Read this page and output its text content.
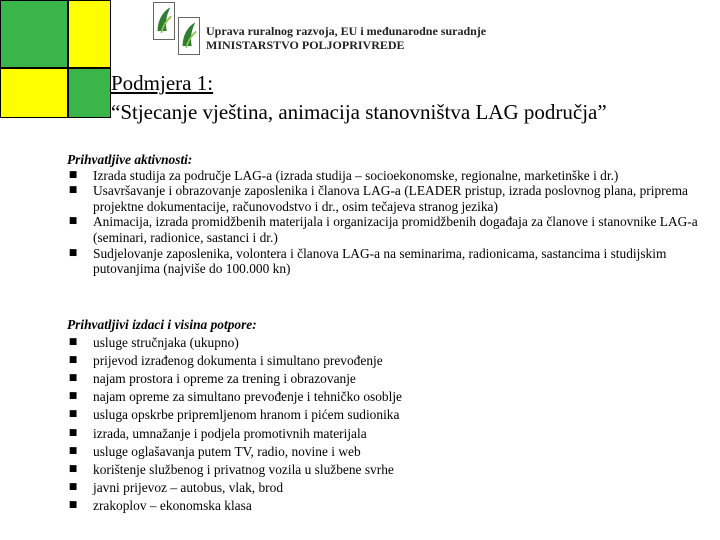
Uprava ruralnog razvoja, EU i međunarodne suradnje
MINISTARSTVO POLJOPRIVREDE
Podmjera 1:
“Stjecanje vještina, animacija stanovništva LAG područja”
Prihvatljive aktivnosti:
■ Izrada studija za područje LAG-a (izrada studija – socioekonomske, regionalne, marketinške i dr.)
■ Usavršavanje i obrazovanje zaposlenika i članova LAG-a (LEADER pristup, izrada poslovnog plana, priprema projektne dokumentacije, računovodstvo i dr., osim tečajeva stranog jezika)
■ Animacija, izrada promidžbenih materijala i organizacija promidžbenih događaja za članove i stanovnike LAG-a (seminari, radionice, sastanci i dr.)
■ Sudjelovanje zaposlenika, volontera i članova LAG-a na seminarima, radionicama, sastancima i studijskim putovanjima (najviše do 100.000 kn)
Prihvatljivi izdaci i visina potpore:
■ usluge stručnjaka (ukupno)
■ prijevod izrađenog dokumenta i simultano prevođenje
■ najam prostora i opreme za trening i obrazovanje
■ najam opreme za simultano prevođenje i tehničko osoblje
■ usluga opskrbe pripremljenom hranom i pićem sudionika
■ izrada, umnažanje i podjela promotivnih materijala
■ usluge oglašavanja putem TV, radio, novine i web
■ korištenje službenog i privatnog vozila u službene svrhe
■ javni prijevoz – autobus, vlak, brod
■ zrakoplov – ekonomska klasa
